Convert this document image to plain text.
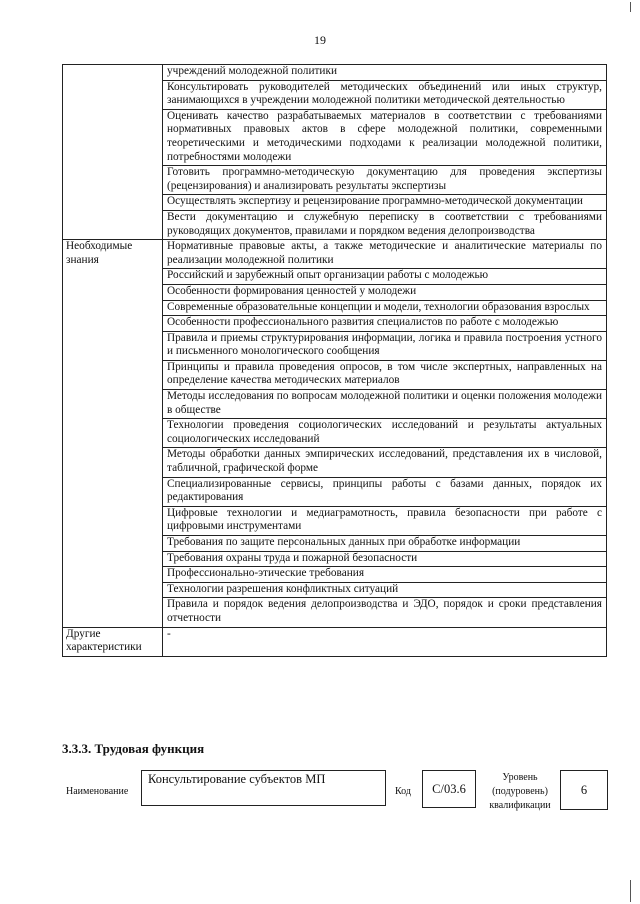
19
	учреждений молодежной политики
	Консультировать руководителей методических объединений или иных структур, занимающихся в учреждении молодежной политики методической деятельностью
	Оценивать качество разрабатываемых материалов в соответствии с требованиями нормативных правовых актов в сфере молодежной политики, современными теоретическими и методическими подходами к реализации молодежной политики, потребностями молодежи
	Готовить программно-методическую документацию для проведения экспертизы (рецензирования) и анализировать результаты экспертизы
	Осуществлять экспертизу и рецензирование программно-методической документации
	Вести документацию и служебную переписку в соответствии с требованиями руководящих документов, правилами и порядком ведения делопроизводства
Необходимые знания	Нормативные правовые акты, а также методические и аналитические материалы по реализации молодежной политики
	Российский и зарубежный опыт организации работы с молодежью
	Особенности формирования ценностей у молодежи
	Современные образовательные концепции и модели, технологии образования взрослых
	Особенности профессионального развития специалистов по работе с молодежью
	Правила и приемы структурирования информации, логика и правила построения устного и письменного монологического сообщения
	Принципы и правила проведения опросов, в том числе экспертных, направленных на определение качества методических материалов
	Методы исследования по вопросам молодежной политики и оценки положения молодежи в обществе
	Технологии проведения социологических исследований и результаты актуальных социологических исследований
	Методы обработки данных эмпирических исследований, представления их в числовой, табличной, графической форме
	Специализированные сервисы, принципы работы с базами данных, порядок их редактирования
	Цифровые технологии и медиаграмотность, правила безопасности при работе с цифровыми инструментами
	Требования по защите персональных данных при обработке информации
	Требования охраны труда и пожарной безопасности
	Профессионально-этические требования
	Технологии разрешения конфликтных ситуаций
	Правила и порядок ведения делопроизводства и ЭДО, порядок и сроки представления отчетности
Другие характеристики	-
3.3.3. Трудовая функция
Наименование
Консультирование субъектов МП
Код С/03.6
Уровень
(подуровень)
квалификации
6
